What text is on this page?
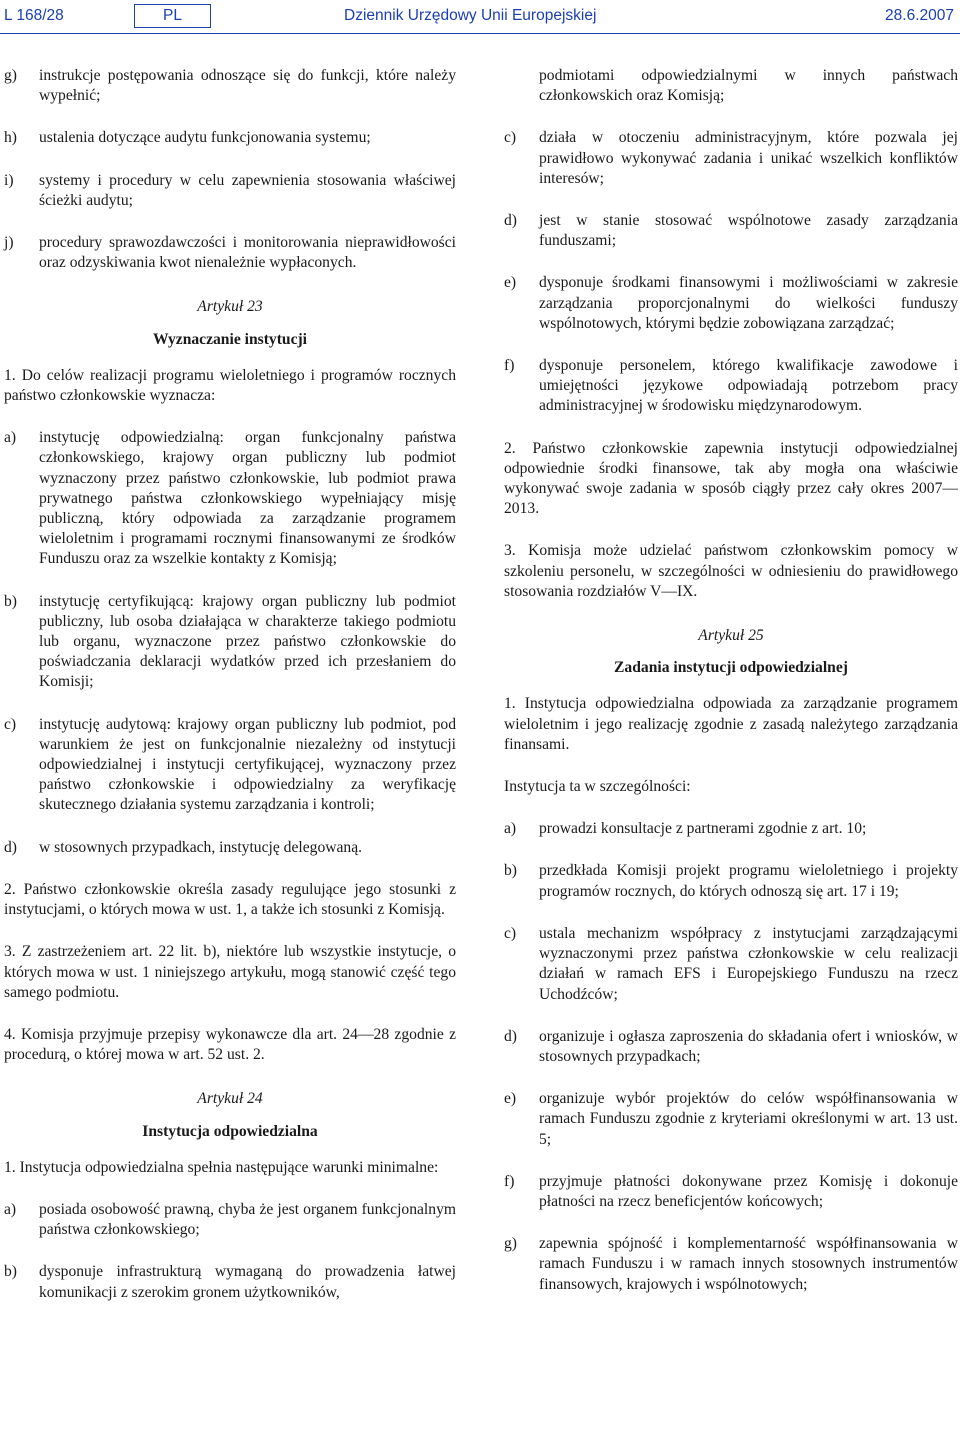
L 168/28	PL	Dziennik Urzędowy Unii Europejskiej	28.6.2007
g)	instrukcje postępowania odnoszące się do funkcji, które należy wypełnić;
h)	ustalenia dotyczące audytu funkcjonowania systemu;
i)	systemy i procedury w celu zapewnienia stosowania właściwej ścieżki audytu;
j)	procedury sprawozdawczości i monitorowania nieprawidłowości oraz odzyskiwania kwot nienależnie wypłaconych.
Artykuł 23
Wyznaczanie instytucji
1. Do celów realizacji programu wieloletniego i programów rocznych państwo członkowskie wyznacza:
a)	instytucję odpowiedzialną: organ funkcjonalny państwa członkowskiego, krajowy organ publiczny lub podmiot wyznaczony przez państwo członkowskie, lub podmiot prawa prywatnego państwa członkowskiego wypełniający misję publiczną, który odpowiada za zarządzanie programem wieloletnim i programami rocznymi finansowanymi ze środków Funduszu oraz za wszelkie kontakty z Komisją;
b)	instytucję certyfikującą: krajowy organ publiczny lub podmiot publiczny, lub osoba działająca w charakterze takiego podmiotu lub organu, wyznaczone przez państwo członkowskie do poświadczania deklaracji wydatków przed ich przesłaniem do Komisji;
c)	instytucję audytową: krajowy organ publiczny lub podmiot, pod warunkiem że jest on funkcjonalnie niezależny od instytucji odpowiedzialnej i instytucji certyfikującej, wyznaczony przez państwo członkowskie i odpowiedzialny za weryfikację skutecznego działania systemu zarządzania i kontroli;
d)	w stosownych przypadkach, instytucję delegowaną.
2. Państwo członkowskie określa zasady regulujące jego stosunki z instytucjami, o których mowa w ust. 1, a także ich stosunki z Komisją.
3. Z zastrzeżeniem art. 22 lit. b), niektóre lub wszystkie instytucje, o których mowa w ust. 1 niniejszego artykułu, mogą stanowić część tego samego podmiotu.
4. Komisja przyjmuje przepisy wykonawcze dla art. 24—28 zgodnie z procedurą, o której mowa w art. 52 ust. 2.
Artykuł 24
Instytucja odpowiedzialna
1. Instytucja odpowiedzialna spełnia następujące warunki minimalne:
a)	posiada osobowość prawną, chyba że jest organem funkcjonalnym państwa członkowskiego;
b)	dysponuje infrastrukturą wymaganą do prowadzenia łatwej komunikacji z szerokim gronem użytkowników,
podmiotami odpowiedzialnymi w innych państwach członkowskich oraz Komisją;
c)	działa w otoczeniu administracyjnym, które pozwala jej prawidłowo wykonywać zadania i unikać wszelkich konfliktów interesów;
d)	jest w stanie stosować wspólnotowe zasady zarządzania funduszami;
e)	dysponuje środkami finansowymi i możliwościami w zakresie zarządzania proporcjonalnymi do wielkości funduszy wspólnotowych, którymi będzie zobowiązana zarządzać;
f)	dysponuje personelem, którego kwalifikacje zawodowe i umiejętności językowe odpowiadają potrzebom pracy administracyjnej w środowisku międzynarodowym.
2. Państwo członkowskie zapewnia instytucji odpowiedzialnej odpowiednie środki finansowe, tak aby mogła ona właściwie wykonywać swoje zadania w sposób ciągły przez cały okres 2007—2013.
3. Komisja może udzielać państwom członkowskim pomocy w szkoleniu personelu, w szczególności w odniesieniu do prawidłowego stosowania rozdziałów V—IX.
Artykuł 25
Zadania instytucji odpowiedzialnej
1. Instytucja odpowiedzialna odpowiada za zarządzanie programem wieloletnim i jego realizację zgodnie z zasadą należytego zarządzania finansami.
Instytucja ta w szczególności:
a)	prowadzi konsultacje z partnerami zgodnie z art. 10;
b)	przedkłada Komisji projekt programu wieloletniego i projekty programów rocznych, do których odnoszą się art. 17 i 19;
c)	ustala mechanizm współpracy z instytucjami zarządzającymi wyznaczonymi przez państwa członkowskie w celu realizacji działań w ramach EFS i Europejskiego Funduszu na rzecz Uchodźców;
d)	organizuje i ogłasza zaproszenia do składania ofert i wniosków, w stosownych przypadkach;
e)	organizuje wybór projektów do celów współfinansowania w ramach Funduszu zgodnie z kryteriami określonymi w art. 13 ust. 5;
f)	przyjmuje płatności dokonywane przez Komisję i dokonuje płatności na rzecz beneficjentów końcowych;
g)	zapewnia spójność i komplementarność współfinansowania w ramach Funduszu i w ramach innych stosownych instrumentów finansowych, krajowych i wspólnotowych;
